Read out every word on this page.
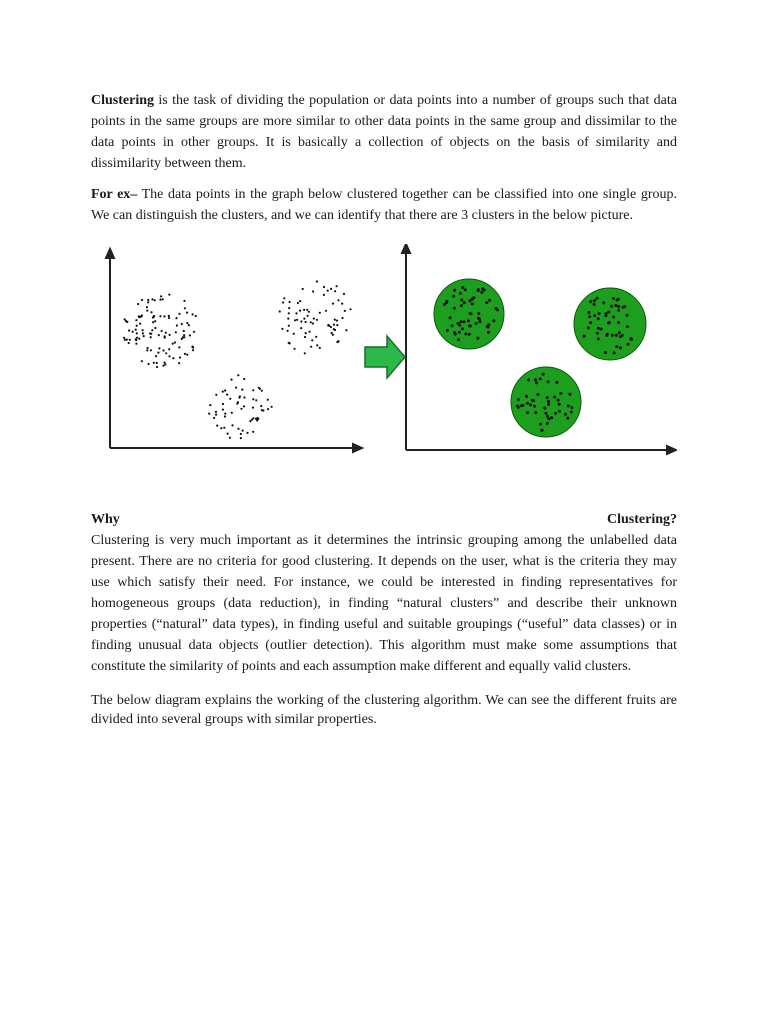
Clustering is the task of dividing the population or data points into a number of groups such that data points in the same groups are more similar to other data points in the same group and dissimilar to the data points in other groups. It is basically a collection of objects on the basis of similarity and dissimilarity between them.

For ex– The data points in the graph below clustered together can be classified into one single group. We can distinguish the clusters, and we can identify that there are 3 clusters in the below picture.

Why	Clustering?

Clustering is very much important as it determines the intrinsic grouping among the unlabelled data present. There are no criteria for good clustering. It depends on the user, what is the criteria they may use which satisfy their need. For instance, we could be interested in finding representatives for homogeneous groups (data reduction), in finding “natural clusters” and describe their unknown properties (“natural” data types), in finding useful and suitable groupings (“useful” data classes) or in finding unusual data objects (outlier detection). This algorithm must make some assumptions that constitute the similarity of points and each assumption make different and equally valid clusters.

The below diagram explains the working of the clustering algorithm. We can see the different fruits are divided into several groups with similar properties.
